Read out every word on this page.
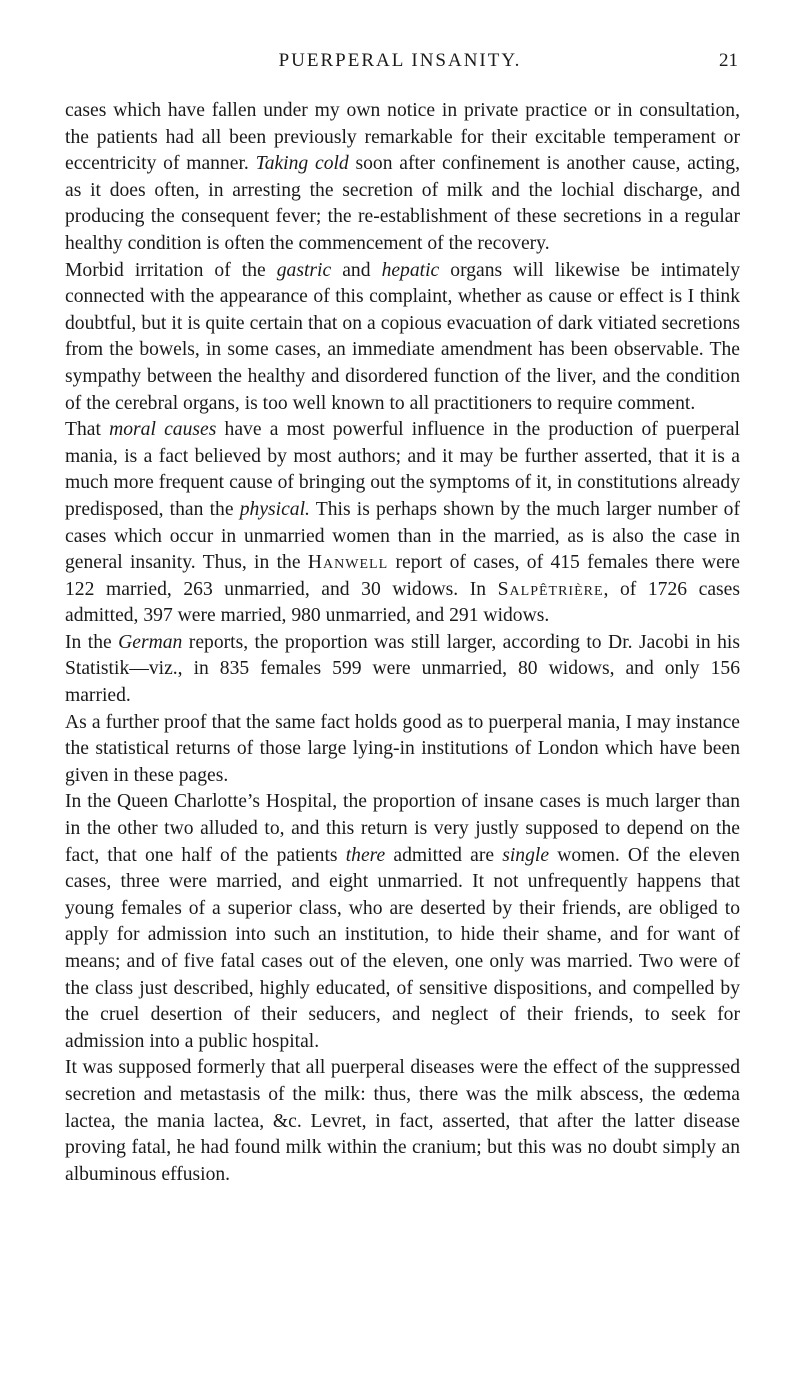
PUERPERAL INSANITY.	21

cases which have fallen under my own notice in private practice or in consultation, the patients had all been previously remarkable for their excitable temperament or eccentricity of manner. Taking cold soon after confinement is another cause, acting, as it does often, in arresting the secretion of milk and the lochial discharge, and producing the consequent fever; the re-establishment of these secretions in a regular healthy condition is often the commencement of the recovery.

Morbid irritation of the gastric and hepatic organs will likewise be intimately connected with the appearance of this complaint, whether as cause or effect is I think doubtful, but it is quite certain that on a copious evacuation of dark vitiated secretions from the bowels, in some cases, an immediate amendment has been observable. The sympathy between the healthy and disordered function of the liver, and the condition of the cerebral organs, is too well known to all practitioners to require comment.

That moral causes have a most powerful influence in the production of puerperal mania, is a fact believed by most authors; and it may be further asserted, that it is a much more frequent cause of bringing out the symptoms of it, in constitutions already predisposed, than the physical. This is perhaps shown by the much larger number of cases which occur in unmarried women than in the married, as is also the case in general insanity. Thus, in the Hanwell report of cases, of 415 females there were 122 married, 263 unmarried, and 30 widows. In Salpêtrière, of 1726 cases admitted, 397 were married, 980 unmarried, and 291 widows.

In the German reports, the proportion was still larger, according to Dr. Jacobi in his Statistik—viz., in 835 females 599 were unmarried, 80 widows, and only 156 married.

As a further proof that the same fact holds good as to puerperal mania, I may instance the statistical returns of those large lying-in institutions of London which have been given in these pages.

In the Queen Charlotte’s Hospital, the proportion of insane cases is much larger than in the other two alluded to, and this return is very justly supposed to depend on the fact, that one half of the patients there admitted are single women. Of the eleven cases, three were married, and eight unmarried. It not unfrequently happens that young females of a superior class, who are deserted by their friends, are obliged to apply for admission into such an institution, to hide their shame, and for want of means; and of five fatal cases out of the eleven, one only was married. Two were of the class just described, highly educated, of sensitive dispositions, and compelled by the cruel desertion of their seducers, and neglect of their friends, to seek for admission into a public hospital.

It was supposed formerly that all puerperal diseases were the effect of the suppressed secretion and metastasis of the milk: thus, there was the milk abscess, the œdema lactea, the mania lactea, &c. Levret, in fact, asserted, that after the latter disease proving fatal, he had found milk within the cranium; but this was no doubt simply an albuminous effusion.
